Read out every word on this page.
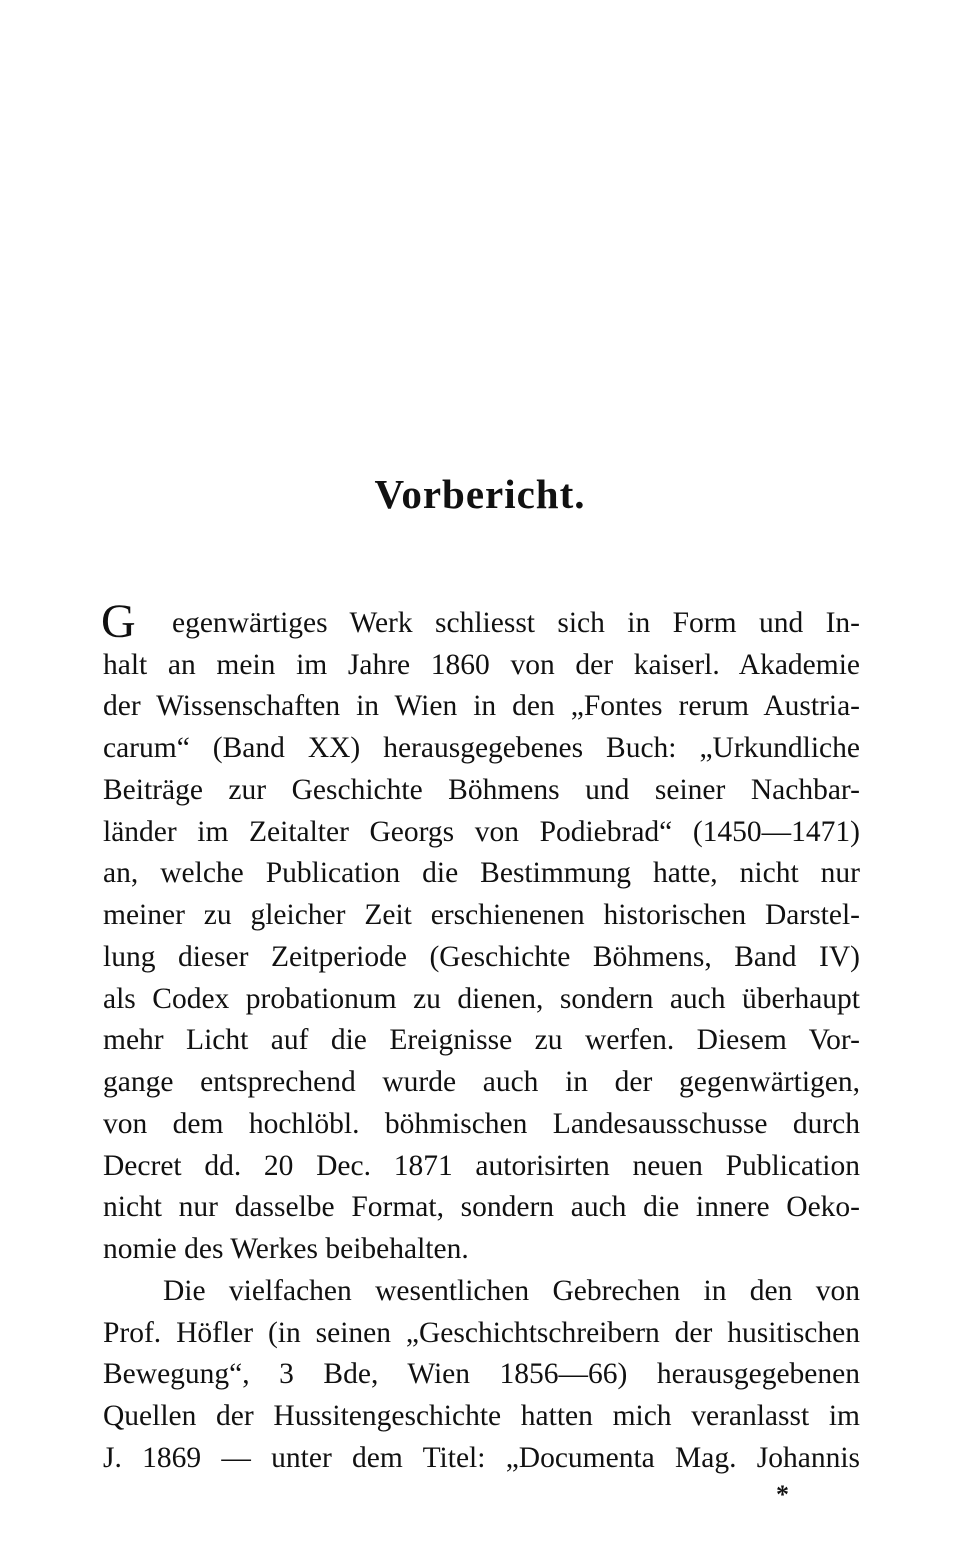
Vorbericht.
G egenwärtiges Werk schliesst sich in Form und In-

halt an mein im Jahre 1860 von der kaiserl. Akademie

der Wissenschaften in Wien in den „Fontes rerum Austria-

carum“ (Band XX) herausgegebenes Buch: „Urkundliche

Beiträge zur Geschichte Böhmens und seiner Nachbar-

länder im Zeitalter Georgs von Podiebrad“ (1450—1471)

an, welche Publication die Bestimmung hatte, nicht nur

meiner zu gleicher Zeit erschienenen historischen Darstel-

lung dieser Zeitperiode (Geschichte Böhmens, Band IV)

als Codex probationum zu dienen, sondern auch überhaupt

mehr Licht auf die Ereignisse zu werfen. Diesem Vor-

gange entsprechend wurde auch in der gegenwärtigen,

von dem hochlöbl. böhmischen Landesausschusse durch

Decret dd. 20 Dec. 1871 autorisirten neuen Publication

nicht nur dasselbe Format, sondern auch die innere Oeko-

nomie des Werkes beibehalten.

Die vielfachen wesentlichen Gebrechen in den von

Prof. Höfler (in seinen „Geschichtschreibern der husitischen

Bewegung“, 3 Bde, Wien 1856—66) herausgegebenen

Quellen der Hussitengeschichte hatten mich veranlasst im

J. 1869 — unter dem Titel: „Documenta Mag. Johannis

*
